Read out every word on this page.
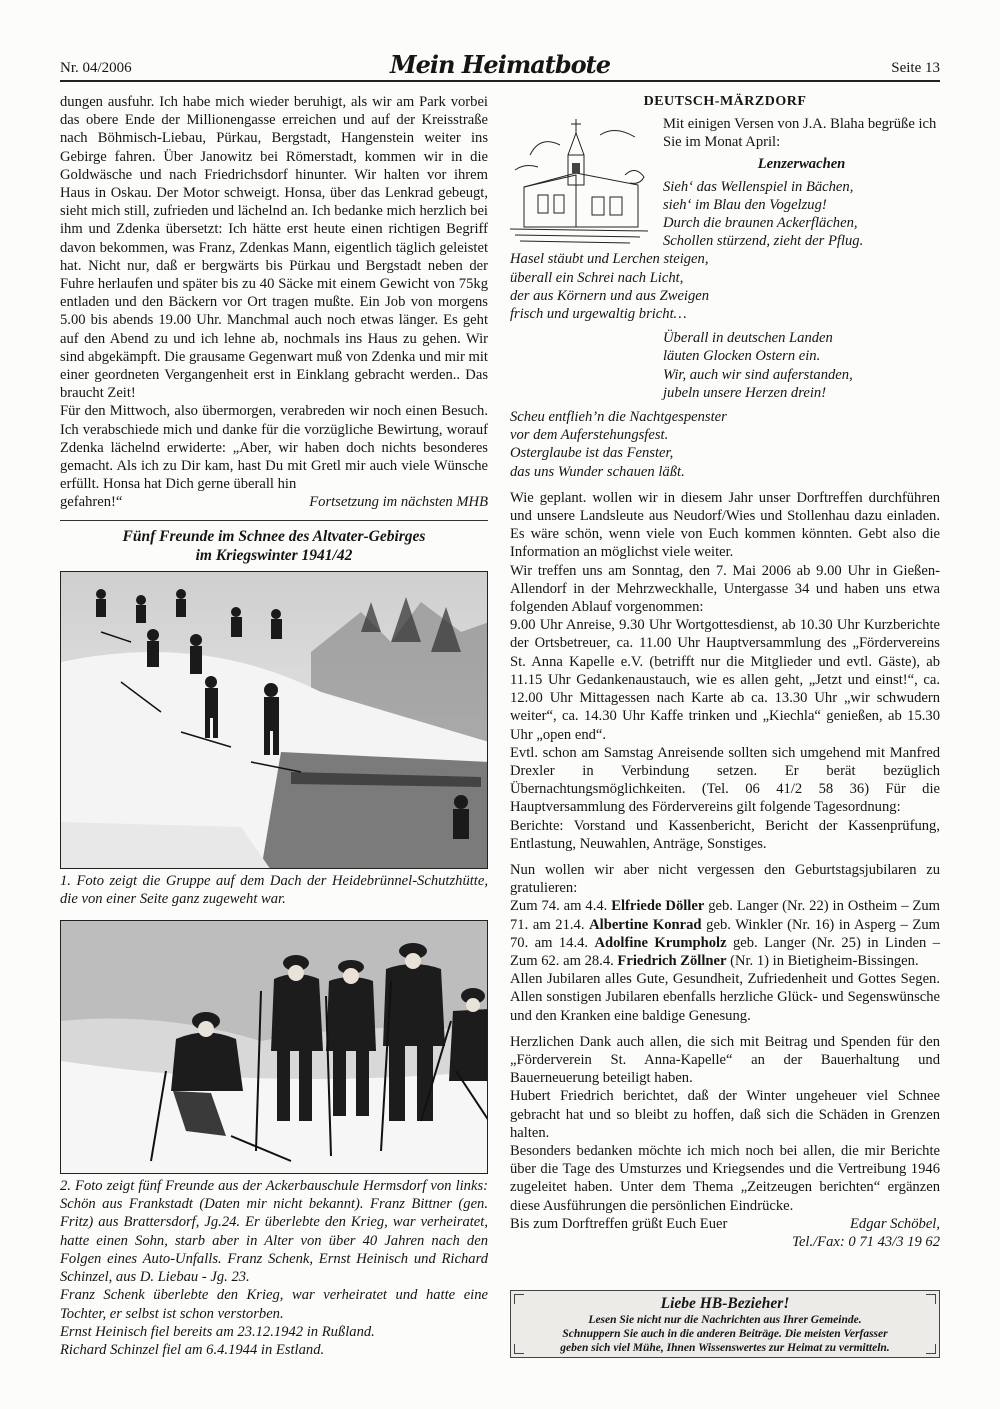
Nr. 04/2006	Mein Heimatbote	Seite 13

dungen ausfuhr. Ich habe mich wieder beruhigt, als wir am Park vorbei das obere Ende der Millionengasse erreichen und auf der Kreisstraße nach Böhmisch-Liebau, Pürkau, Bergstadt, Hangenstein weiter ins Gebirge fahren. Über Janowitz bei Römerstadt, kommen wir in die Goldwäsche und nach Friedrichsdorf hinunter. Wir halten vor ihrem Haus in Oskau. Der Motor schweigt. Honsa, über das Lenkrad gebeugt, sieht mich still, zufrieden und lächelnd an. Ich bedanke mich herzlich bei ihm und Zdenka übersetzt: Ich hätte erst heute einen richtigen Begriff davon bekommen, was Franz, Zdenkas Mann, eigentlich täglich geleistet hat. Nicht nur, daß er bergwärts bis Pürkau und Bergstadt neben der Fuhre herlaufen und später bis zu 40 Säcke mit einem Gewicht von 75kg entladen und den Bäckern vor Ort tragen mußte. Ein Job von morgens 5.00 bis abends 19.00 Uhr. Manchmal auch noch etwas länger. Es geht auf den Abend zu und ich lehne ab, nochmals ins Haus zu gehen. Wir sind abgekämpft. Die grausame Gegenwart muß von Zdenka und mir mit einer geordneten Vergangenheit erst in Einklang gebracht werden.. Das braucht Zeit!

Für den Mittwoch, also übermorgen, verabreden wir noch einen Besuch. Ich verabschiede mich und danke für die vorzügliche Bewirtung, worauf Zdenka lächelnd erwiderte: „Aber, wir haben doch nichts besonderes gemacht. Als ich zu Dir kam, hast Du mit Gretl mir auch viele Wünsche erfüllt. Honsa hat Dich gerne überall hin

gefahren!“	Fortsetzung im nächsten MHB
Fünf Freunde im Schnee des Altvater-Gebirges
im Kriegswinter 1941/42

1. Foto zeigt die Gruppe auf dem Dach der Heidebrünnel-Schutzhütte, die von einer Seite ganz zugeweht war.

2. Foto zeigt fünf Freunde aus der Ackerbauschule Hermsdorf von links: Schön aus Frankstadt (Daten mir nicht bekannt). Franz Bittner (gen. Fritz) aus Brattersdorf, Jg.24. Er überlebte den Krieg, war verheiratet, hatte einen Sohn, starb aber in Alter von über 40 Jahren nach den Folgen eines Auto-Unfalls. Franz Schenk, Ernst Heinisch und Richard Schinzel, aus D. Liebau - Jg. 23.

Franz Schenk überlebte den Krieg, war verheiratet und hatte eine Tochter, er selbst ist schon verstorben.

Ernst Heinisch fiel bereits am 23.12.1942 in Rußland.

Richard Schinzel fiel am 6.4.1944 in Estland.

DEUTSCH-MÄRZDORF

Mit einigen Versen von J.A. Blaha begrüße ich Sie im Monat April:

Lenzerwachen
Sieh‘ das Wellenspiel in Bächen,
sieh‘ im Blau den Vogelzug!
Durch die braunen Ackerflächen,
Schollen stürzend, zieht der Pflug.
Hasel stäubt und Lerchen steigen,
überall ein Schrei nach Licht,
der aus Körnern und aus Zweigen
frisch und urgewaltig bricht…
Überall in deutschen Landen
läuten Glocken Ostern ein.
Wir, auch wir sind auferstanden,
jubeln unsere Herzen drein!
Scheu entflieh’n die Nachtgespenster
vor dem Auferstehungsfest.
Osterglaube ist das Fenster,
das uns Wunder schauen läßt.

Wie geplant. wollen wir in diesem Jahr unser Dorftreffen durchführen und unsere Landsleute aus Neudorf/Wies und Stollenhau dazu einladen. Es wäre schön, wenn viele von Euch kommen könnten. Gebt also die Information an möglichst viele weiter.

Wir treffen uns am Sonntag, den 7. Mai 2006 ab 9.00 Uhr in Gießen-Allendorf in der Mehrzweckhalle, Untergasse 34 und haben uns etwa folgenden Ablauf vorgenommen:

9.00 Uhr Anreise, 9.30 Uhr Wortgottesdienst, ab 10.30 Uhr Kurzberichte der Ortsbetreuer, ca. 11.00 Uhr Hauptversammlung des „Fördervereins St. Anna Kapelle e.V. (betrifft nur die Mitglieder und evtl. Gäste), ab 11.15 Uhr Gedankenaustauch, wie es allen geht, „Jetzt und einst!“, ca. 12.00 Uhr Mittagessen nach Karte ab ca. 13.30 Uhr „wir schwudern weiter“, ca. 14.30 Uhr Kaffe trinken und „Kiechla“ genießen, ab 15.30 Uhr „open end“.

Evtl. schon am Samstag Anreisende sollten sich umgehend mit Manfred Drexler in Verbindung setzen. Er berät bezüglich Übernachtungsmöglichkeiten. (Tel. 06 41/2 58 36) Für die Hauptversammlung des Fördervereins gilt folgende Tagesordnung:

Berichte: Vorstand und Kassenbericht, Bericht der Kassenprüfung, Entlastung, Neuwahlen, Anträge, Sonstiges.

Nun wollen wir aber nicht vergessen den Geburtstagsjubilaren zu gratulieren:

Zum 74. am 4.4. Elfriede Döller geb. Langer (Nr. 22) in Ostheim – Zum 71. am 21.4. Albertine Konrad geb. Winkler (Nr. 16) in Asperg – Zum 70. am 14.4. Adolfine Krumpholz geb. Langer (Nr. 25) in Linden – Zum 62. am 28.4. Friedrich Zöllner (Nr. 1) in Bietigheim-Bissingen.

Allen Jubilaren alles Gute, Gesundheit, Zufriedenheit und Gottes Segen. Allen sonstigen Jubilaren ebenfalls herzliche Glück- und Segenswünsche und den Kranken eine baldige Genesung.

Herzlichen Dank auch allen, die sich mit Beitrag und Spenden für den „Förderverein St. Anna-Kapelle“ an der Bauerhaltung und Bauerneuerung beteiligt haben.

Hubert Friedrich berichtet, daß der Winter ungeheuer viel Schnee gebracht hat und so bleibt zu hoffen, daß sich die Schäden in Grenzen halten.

Besonders bedanken möchte ich mich noch bei allen, die mir Berichte über die Tage des Umsturzes und Kriegsendes und die Vertreibung 1946 zugeleitet haben. Unter dem Thema „Zeitzeugen berichten“ ergänzen diese Ausführungen die persönlichen Eindrücke.

Bis zum Dorftreffen grüßt Euch Euer	Edgar Schöbel,
Tel./Fax: 0 71 43/3 19 62
Liebe HB-Bezieher!
Lesen Sie nicht nur die Nachrichten aus Ihrer Gemeinde.
Schnuppern Sie auch in die anderen Beiträge. Die meisten Verfasser
geben sich viel Mühe, Ihnen Wissenswertes zur Heimat zu vermitteln.
